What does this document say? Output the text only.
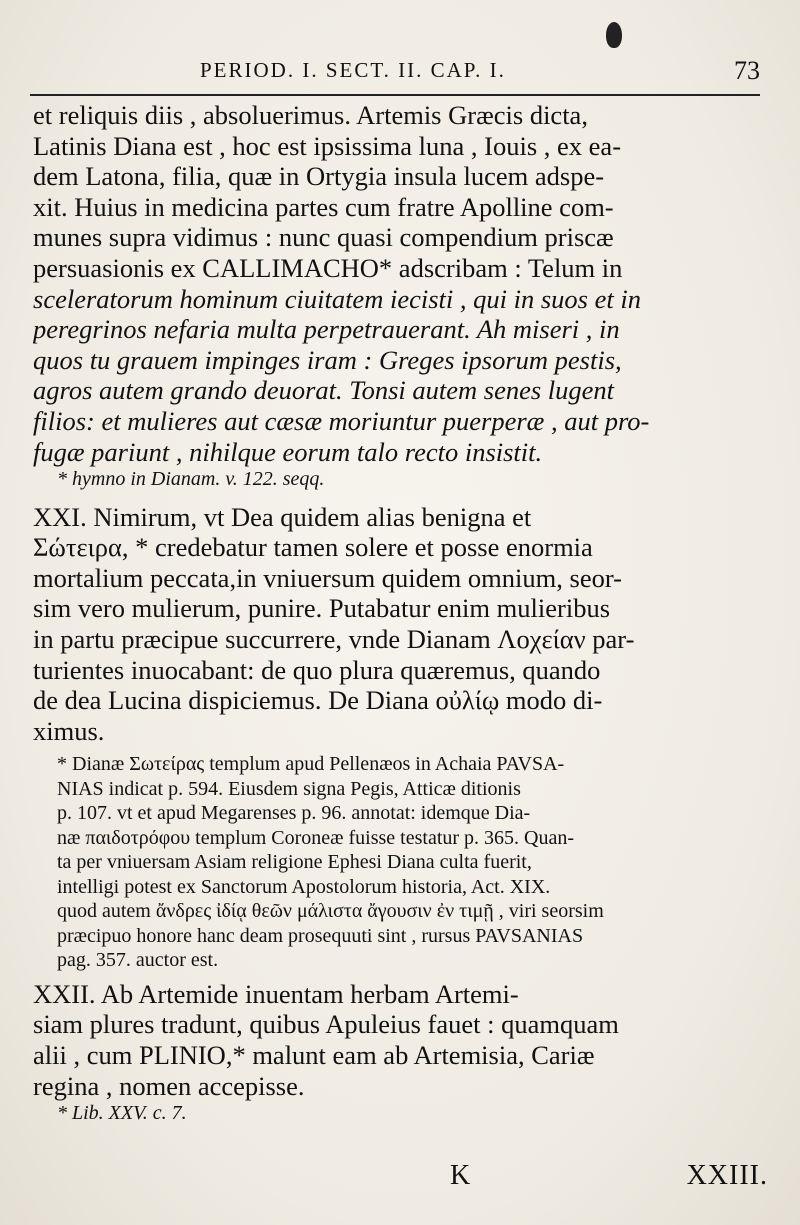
PERIOD. I. SECT. II. CAP. I.	73
et reliquis diis , absoluerimus. Artemis Græcis dicta,
Latinis Diana est , hoc est ipsissima luna , Iouis , ex ea-
dem Latona, filia, quæ in Ortygia insula lucem adspe-
xit. Huius in medicina partes cum fratre Apolline com-
munes supra vidimus : nunc quasi compendium priscæ
persuasionis ex CALLIMACHO* adscribam : Telum in
sceleratorum hominum ciuitatem iecisti , qui in suos et in
peregrinos nefaria multa perpetrauerant. Ah miseri , in
quos tu grauem impinges iram : Greges ipsorum pestis,
agros autem grando deuorat. Tonsi autem senes lugent
filios: et mulieres aut cæsæ moriuntur puerperæ , aut pro-
fugæ pariunt , nihilque eorum talo recto insistit.
* hymno in Dianam. v. 122. seqq.
XXI. Nimirum, vt Dea quidem alias benigna et
Σώτειρα, * credebatur tamen solere et posse enormia
mortalium peccata,in vniuersum quidem omnium, seor-
sim vero mulierum, punire. Putabatur enim mulieribus
in partu præcipue succurrere, vnde Dianam Λοχείαν par-
turientes inuocabant: de quo plura quæremus, quando
de dea Lucina dispiciemus. De Diana οὐλίῳ modo di-
ximus.
* Dianæ Σωτείρας templum apud Pellenæos in Achaia PAVSA-
NIAS indicat p. 594. Eiusdem signa Pegis, Atticæ ditionis
p. 107. vt et apud Megarenses p. 96. annotat: idemque Dia-
næ παιδοτρόφου templum Coroneæ fuisse testatur p. 365. Quan-
ta per vniuersam Asiam religione Ephesi Diana culta fuerit,
intelligi potest ex Sanctorum Apostolorum historia, Act. XIX.
quod autem ἄνδρες ἰδίᾳ θεῶν μάλιστα ἄγουσιν ἐν τιμῇ , viri seorsim
præcipuo honore hanc deam prosequuti sint , rursus PAVSANIAS
pag. 357. auctor est.
XXII. Ab Artemide inuentam herbam Artemi-
siam plures tradunt, quibus Apuleius fauet : quamquam
alii , cum PLINIO,* malunt eam ab Artemisia, Cariæ
regina , nomen accepisse.
* Lib. XXV. c. 7.
K	XXIII.
